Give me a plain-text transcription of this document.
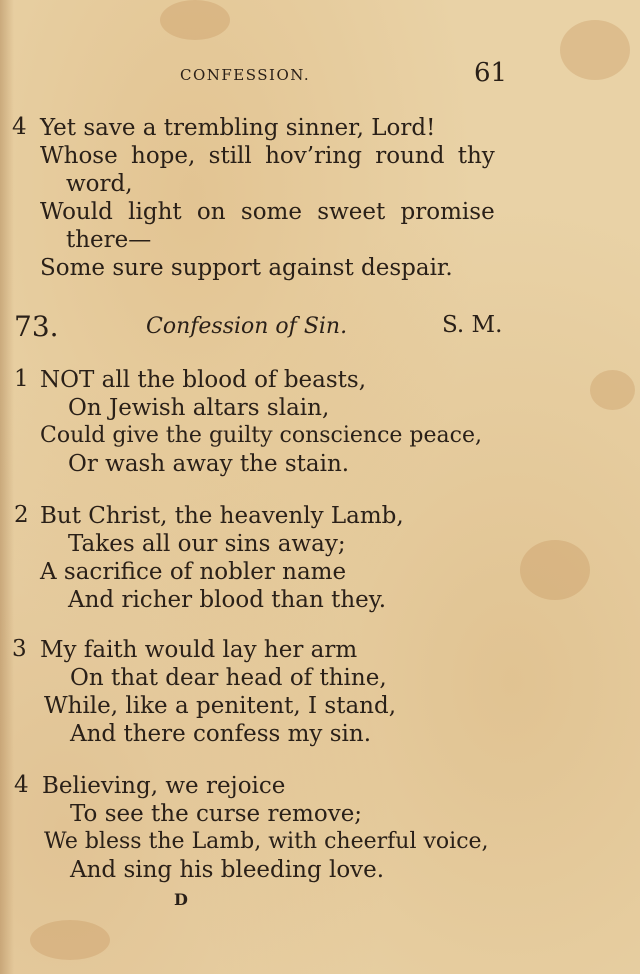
CONFESSION.	61
4 Yet save a trembling sinner, Lord!
Whose hope, still hov’ring round thy
word,
Would light on some sweet promise
there—
Some sure support against despair.
73.	Confession of Sin.	S. M.
1 NOT all the blood of beasts,
On Jewish altars slain,
Could give the guilty conscience peace,
Or wash away the stain.
2 But Christ, the heavenly Lamb,
Takes all our sins away;
A sacrifice of nobler name
And richer blood than they.
3 My faith would lay her arm
On that dear head of thine,
While, like a penitent, I stand,
And there confess my sin.
4 Believing, we rejoice
To see the curse remove;
We bless the Lamb, with cheerful voice,
And sing his bleeding love.
D
